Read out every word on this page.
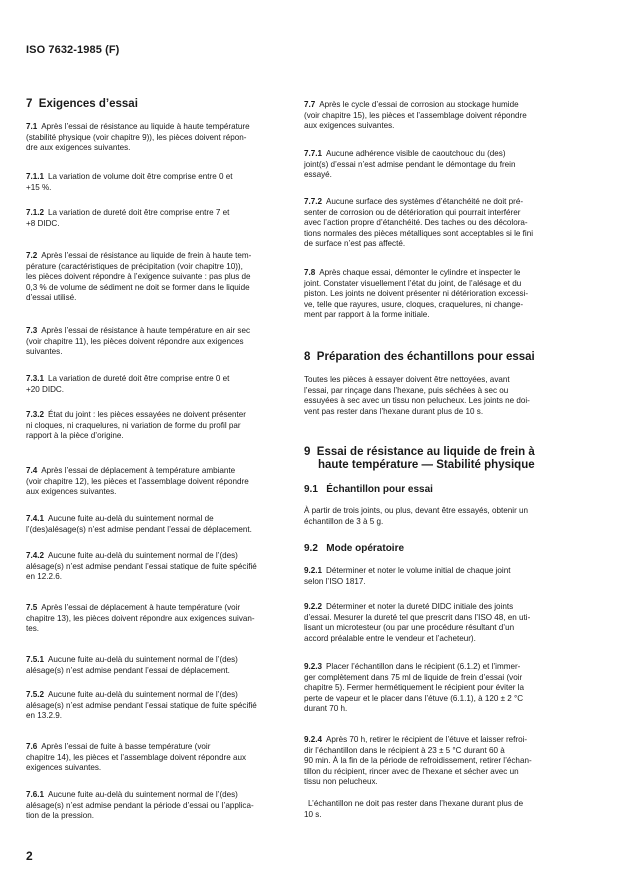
ISO 7632-1985 (F)
7 Exigences d’essai
7.1 Après l’essai de résistance au liquide à haute température
(stabilité physique (voir chapitre 9)), les pièces doivent répon-
dre aux exigences suivantes.
7.1.1 La variation de volume doit être comprise entre 0 et
+15 %.
7.1.2 La variation de dureté doit être comprise entre 7 et
+8 DIDC.
7.2 Après l’essai de résistance au liquide de frein à haute tem-
pérature (caractéristiques de précipitation (voir chapitre 10)),
les pièces doivent répondre à l’exigence suivante : pas plus de
0,3 % de volume de sédiment ne doit se former dans le liquide
d’essai utilisé.
7.3 Après l’essai de résistance à haute température en air sec
(voir chapitre 11), les pièces doivent répondre aux exigences
suivantes.
7.3.1 La variation de dureté doit être comprise entre 0 et
+20 DIDC.
7.3.2 État du joint : les pièces essayées ne doivent présenter
ni cloques, ni craquelures, ni variation de forme du profil par
rapport à la pièce d’origine.
7.4 Après l’essai de déplacement à température ambiante
(voir chapitre 12), les pièces et l’assemblage doivent répondre
aux exigences suivantes.
7.4.1 Aucune fuite au-delà du suintement normal de
l’(des)alésage(s) n’est admise pendant l’essai de déplacement.
7.4.2 Aucune fuite au-delà du suintement normal de l’(des)
alésage(s) n’est admise pendant l’essai statique de fuite spécifié
en 12.2.6.
7.5 Après l’essai de déplacement à haute température (voir
chapitre 13), les pièces doivent répondre aux exigences suivan-
tes.
7.5.1 Aucune fuite au-delà du suintement normal de l’(des)
alésage(s) n’est admise pendant l’essai de déplacement.
7.5.2 Aucune fuite au-delà du suintement normal de l’(des)
alésage(s) n’est admise pendant l’essai statique de fuite spécifié
en 13.2.9.
7.6 Après l’essai de fuite à basse température (voir
chapitre 14), les pièces et l’assemblage doivent répondre aux
exigences suivantes.
7.6.1 Aucune fuite au-delà du suintement normal de l’(des)
alésage(s) n’est admise pendant la période d’essai ou l’applica-
tion de la pression.
7.7 Après le cycle d’essai de corrosion au stockage humide
(voir chapitre 15), les pièces et l’assemblage doivent répondre
aux exigences suivantes.
7.7.1 Aucune adhérence visible de caoutchouc du (des)
joint(s) d’essai n’est admise pendant le démontage du frein
essayé.
7.7.2 Aucune surface des systèmes d’étanchéité ne doit pré-
senter de corrosion ou de détérioration qui pourrait interférer
avec l’action propre d’étanchéité. Des taches ou des décolora-
tions normales des pièces métalliques sont acceptables si le fini
de surface n’est pas affecté.
7.8 Après chaque essai, démonter le cylindre et inspecter le
joint. Constater visuellement l’état du joint, de l’alésage et du
piston. Les joints ne doivent présenter ni détérioration excessi-
ve, telle que rayures, usure, cloques, craquelures, ni change-
ment par rapport à la forme initiale.
8 Préparation des échantillons pour essai
Toutes les pièces à essayer doivent être nettoyées, avant
l’essai, par rinçage dans l’hexane, puis séchées à sec ou
essuyées à sec avec un tissu non pelucheux. Les joints ne doi-
vent pas rester dans l’hexane durant plus de 10 s.
9 Essai de résistance au liquide de frein à
haute température — Stabilité physique
9.1 Échantillon pour essai
À partir de trois joints, ou plus, devant être essayés, obtenir un
échantillon de 3 à 5 g.
9.2 Mode opératoire
9.2.1 Déterminer et noter le volume initial de chaque joint
selon l’ISO 1817.
9.2.2 Déterminer et noter la dureté DIDC initiale des joints
d’essai. Mesurer la dureté tel que prescrit dans l’ISO 48, en uti-
lisant un microtesteur (ou par une procédure résultant d’un
accord préalable entre le vendeur et l’acheteur).
9.2.3 Placer l’échantillon dans le récipient (6.1.2) et l’immer-
ger complètement dans 75 ml de liquide de frein d’essai (voir
chapitre 5). Fermer hermétiquement le récipient pour éviter la
perte de vapeur et le placer dans l’étuve (6.1.1), à 120 ± 2 °C
durant 70 h.
9.2.4 Après 70 h, retirer le récipient de l’étuve et laisser refroi-
dir l’échantillon dans le récipient à 23 ± 5 °C durant 60 à
90 min. À la fin de la période de refroidissement, retirer l’échan-
tillon du récipient, rincer avec de l’hexane et sécher avec un
tissu non pelucheux.
L’échantillon ne doit pas rester dans l’hexane durant plus de
10 s.
2
